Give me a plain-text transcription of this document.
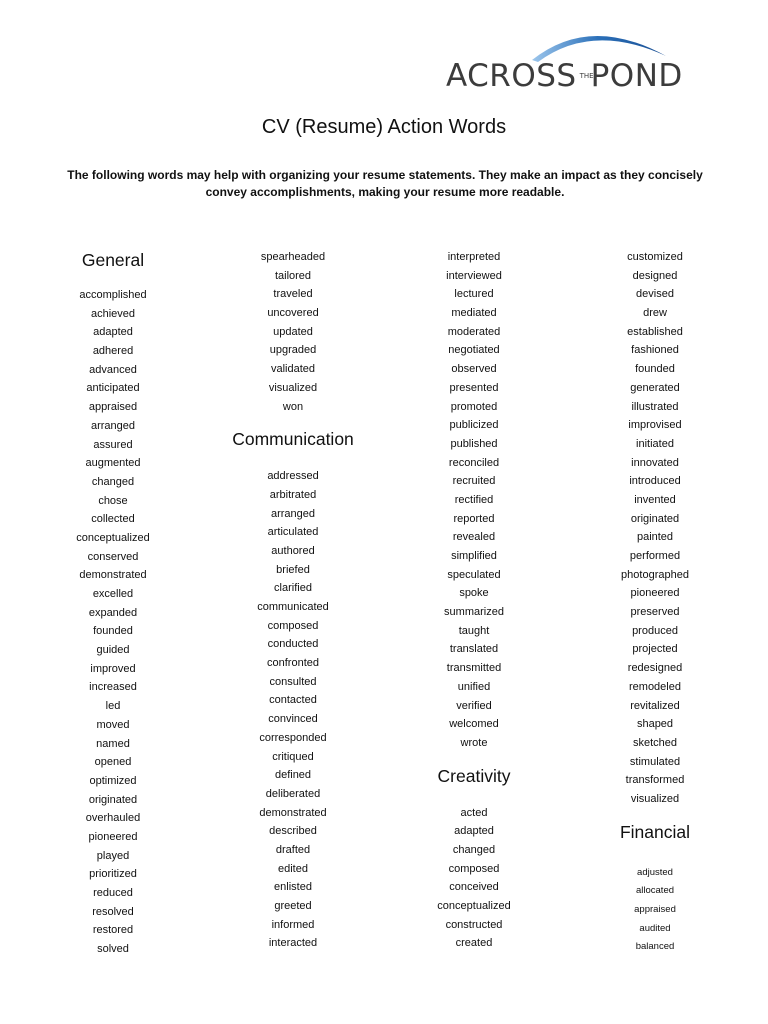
ACROSS THE
POND
CV (Resume) Action Words
The following words may help with organizing your resume statements. They make an impact as they concisely convey accomplishments, making your resume more readable.
General
accomplished
achieved
adapted
adhered
advanced
anticipated
appraised
arranged
assured
augmented
changed
chose
collected
conceptualized
conserved
demonstrated
excelled
expanded
founded
guided
improved
increased
led
moved
named
opened
optimized
originated
overhauled
pioneered
played
prioritized
reduced
resolved
restored
solved
spearheaded
tailored
traveled
uncovered
updated
upgraded
validated
visualized
won
Communication
addressed
arbitrated
arranged
articulated
authored
briefed
clarified
communicated
composed
conducted
confronted
consulted
contacted
convinced
corresponded
critiqued
defined
deliberated
demonstrated
described
drafted
edited
enlisted
greeted
informed
interacted
interpreted
interviewed
lectured
mediated
moderated
negotiated
observed
presented
promoted
publicized
published
reconciled
recruited
rectified
reported
revealed
simplified
speculated
spoke
summarized
taught
translated
transmitted
unified
verified
welcomed
wrote
Creativity
acted
adapted
changed
composed
conceived
conceptualized
constructed
created
customized
designed
devised
drew
established
fashioned
founded
generated
illustrated
improvised
initiated
innovated
introduced
invented
originated
painted
performed
photographed
pioneered
preserved
produced
projected
redesigned
remodeled
revitalized
shaped
sketched
stimulated
transformed
visualized
Financial
adjusted
allocated
appraised
audited
balanced
